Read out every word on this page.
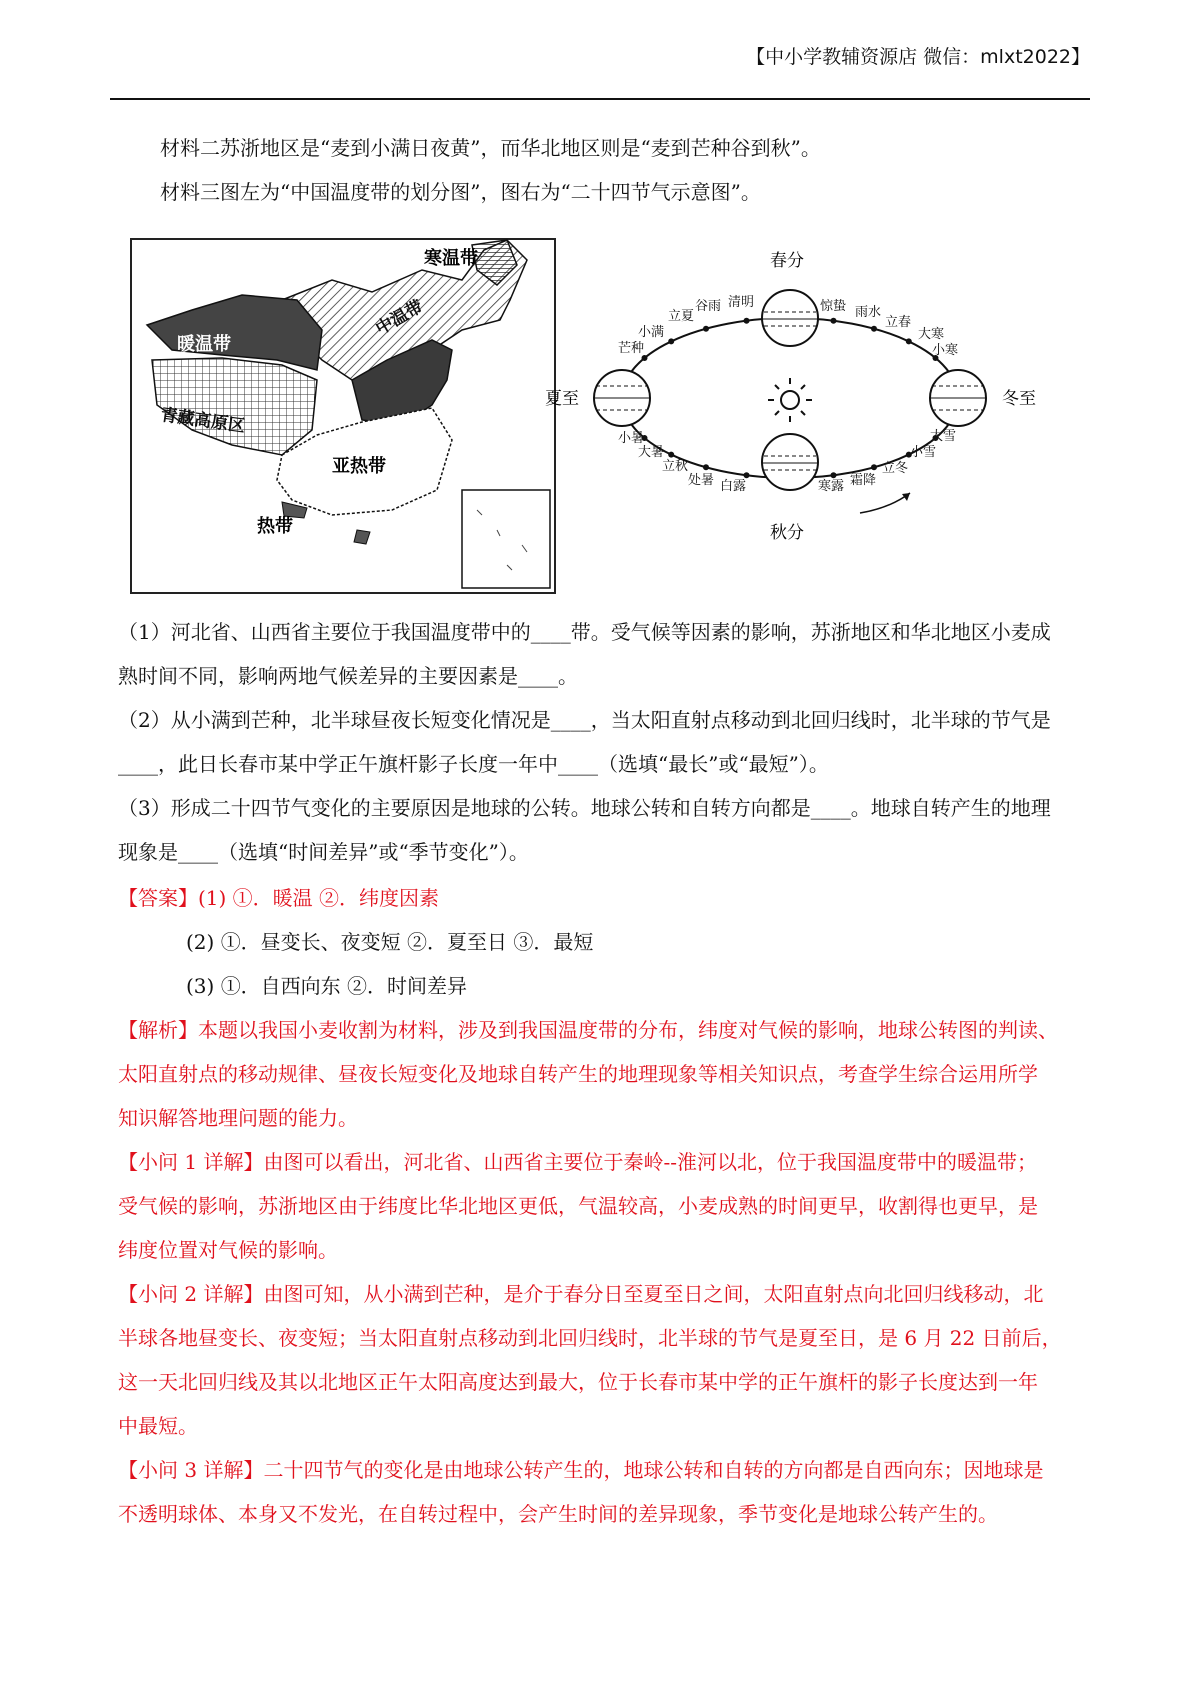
【中小学教辅资源店 微信：mlxt2022】
材料二苏浙地区是“麦到小满日夜黄”，而华北地区则是“麦到芒种谷到秋”。
材料三图左为“中国温度带的划分图”，图右为“二十四节气示意图”。
寒温带
中温带
暖温带
青藏高原区
亚热带
热带
春分
秋分
夏至	冬至
谷雨 清明
立夏
小满
芒种
惊蛰 雨水
立春
大寒
小寒
小暑
大暑
立秋
处暑 白露	寒露 霜降
立冬
小雪
大雪
（1）河北省、山西省主要位于我国温度带中的____带。受气候等因素的影响，苏浙地区和华北地区小麦成
熟时间不同，影响两地气候差异的主要因素是____。
（2）从小满到芒种，北半球昼夜长短变化情况是____，当太阳直射点移动到北回归线时，北半球的节气是
____，此日长春市某中学正午旗杆影子长度一年中____（选填“最长”或“最短”）。
（3）形成二十四节气变化的主要原因是地球的公转。地球公转和自转方向都是____。地球自转产生的地理
现象是____（选填“时间差异”或“季节变化”）。
【答案】(1) ①．暖温 ②．纬度因素
(2) ①．昼变长、夜变短 ②．夏至日 ③．最短
(3) ①．自西向东 ②．时间差异
【解析】本题以我国小麦收割为材料，涉及到我国温度带的分布，纬度对气候的影响，地球公转图的判读、
太阳直射点的移动规律、昼夜长短变化及地球自转产生的地理现象等相关知识点，考查学生综合运用所学
知识解答地理问题的能力。
【小问 1 详解】由图可以看出，河北省、山西省主要位于秦岭--淮河以北，位于我国温度带中的暖温带；
受气候的影响，苏浙地区由于纬度比华北地区更低，气温较高，小麦成熟的时间更早，收割得也更早，是
纬度位置对气候的影响。
【小问 2 详解】由图可知，从小满到芒种，是介于春分日至夏至日之间，太阳直射点向北回归线移动，北
半球各地昼变长、夜变短；当太阳直射点移动到北回归线时，北半球的节气是夏至日，是 6 月 22 日前后，
这一天北回归线及其以北地区正午太阳高度达到最大，位于长春市某中学的正午旗杆的影子长度达到一年
中最短。
【小问 3 详解】二十四节气的变化是由地球公转产生的，地球公转和自转的方向都是自西向东；因地球是
不透明球体、本身又不发光，在自转过程中，会产生时间的差异现象，季节变化是地球公转产生的。
